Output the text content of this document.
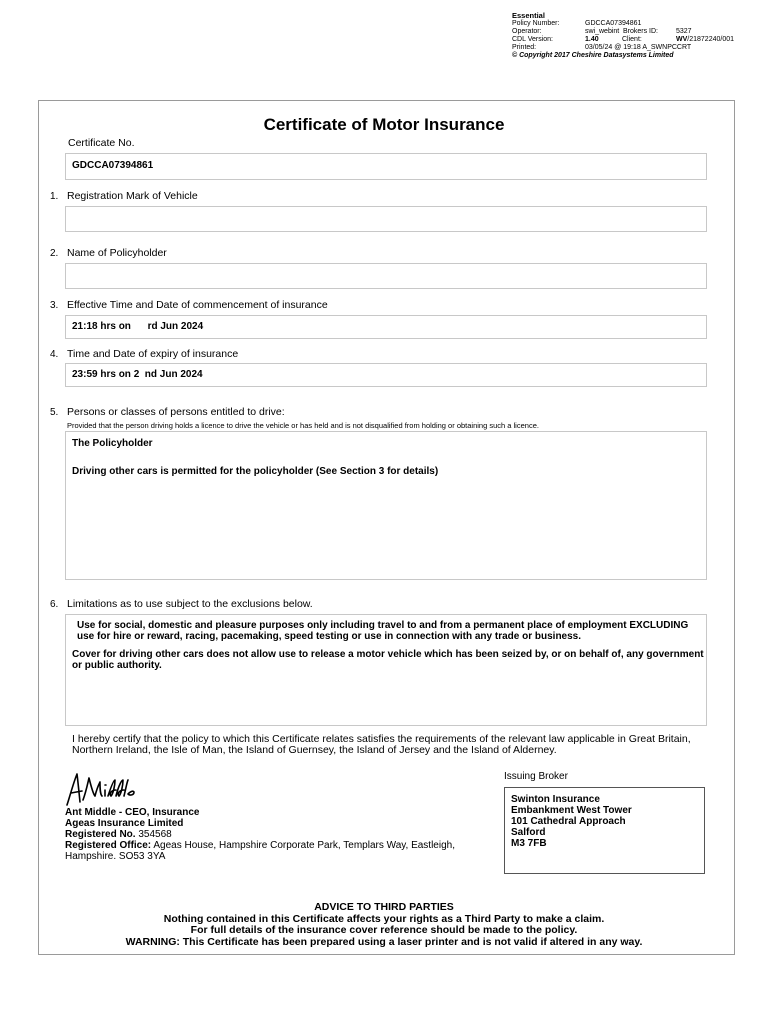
Essential
Policy Number:	GDCCA07394861
Operator:	swi_webint Brokers ID:	5327
CDL Version:	1.40	Client:	WV/21872240/001
Printed:	03/05/24 @ 19:18 A_SWNPCCRT
© Copyright 2017 Cheshire Datasystems Limited
Certificate of Motor Insurance
Certificate No.
GDCCA07394861
1. Registration Mark of Vehicle
2. Name of Policyholder
3. Effective Time and Date of commencement of insurance
21:18 hrs on      rd Jun 2024
4. Time and Date of expiry of insurance
23:59 hrs on 2  nd Jun 2024
5. Persons or classes of persons entitled to drive:
Provided that the person driving holds a licence to drive the vehicle or has held and is not disqualified from holding or obtaining such a licence.
The Policyholder
Driving other cars is permitted for the policyholder (See Section 3 for details)
6. Limitations as to use subject to the exclusions below.
Use for social, domestic and pleasure purposes only including travel to and from a permanent place of employment EXCLUDING
use for hire or reward, racing, pacemaking, speed testing or use in connection with any trade or business.
Cover for driving other cars does not allow use to release a motor vehicle which has been seized by, or on behalf of, any government
or public authority.
I hereby certify that the policy to which this Certificate relates satisfies the requirements of the relevant law applicable in Great Britain,
Northern Ireland, the Isle of Man, the Island of Guernsey, the Island of Jersey and the Island of Alderney.
Ant Middle - CEO, Insurance
Ageas Insurance Limited
Registered No. 354568
Registered Office: Ageas House, Hampshire Corporate Park, Templars Way, Eastleigh,
Hampshire. SO53 3YA
Issuing Broker
Swinton Insurance
Embankment West Tower
101 Cathedral Approach
Salford
M3 7FB
ADVICE TO THIRD PARTIES
Nothing contained in this Certificate affects your rights as a Third Party to make a claim.
For full details of the insurance cover reference should be made to the policy.
WARNING: This Certificate has been prepared using a laser printer and is not valid if altered in any way.
